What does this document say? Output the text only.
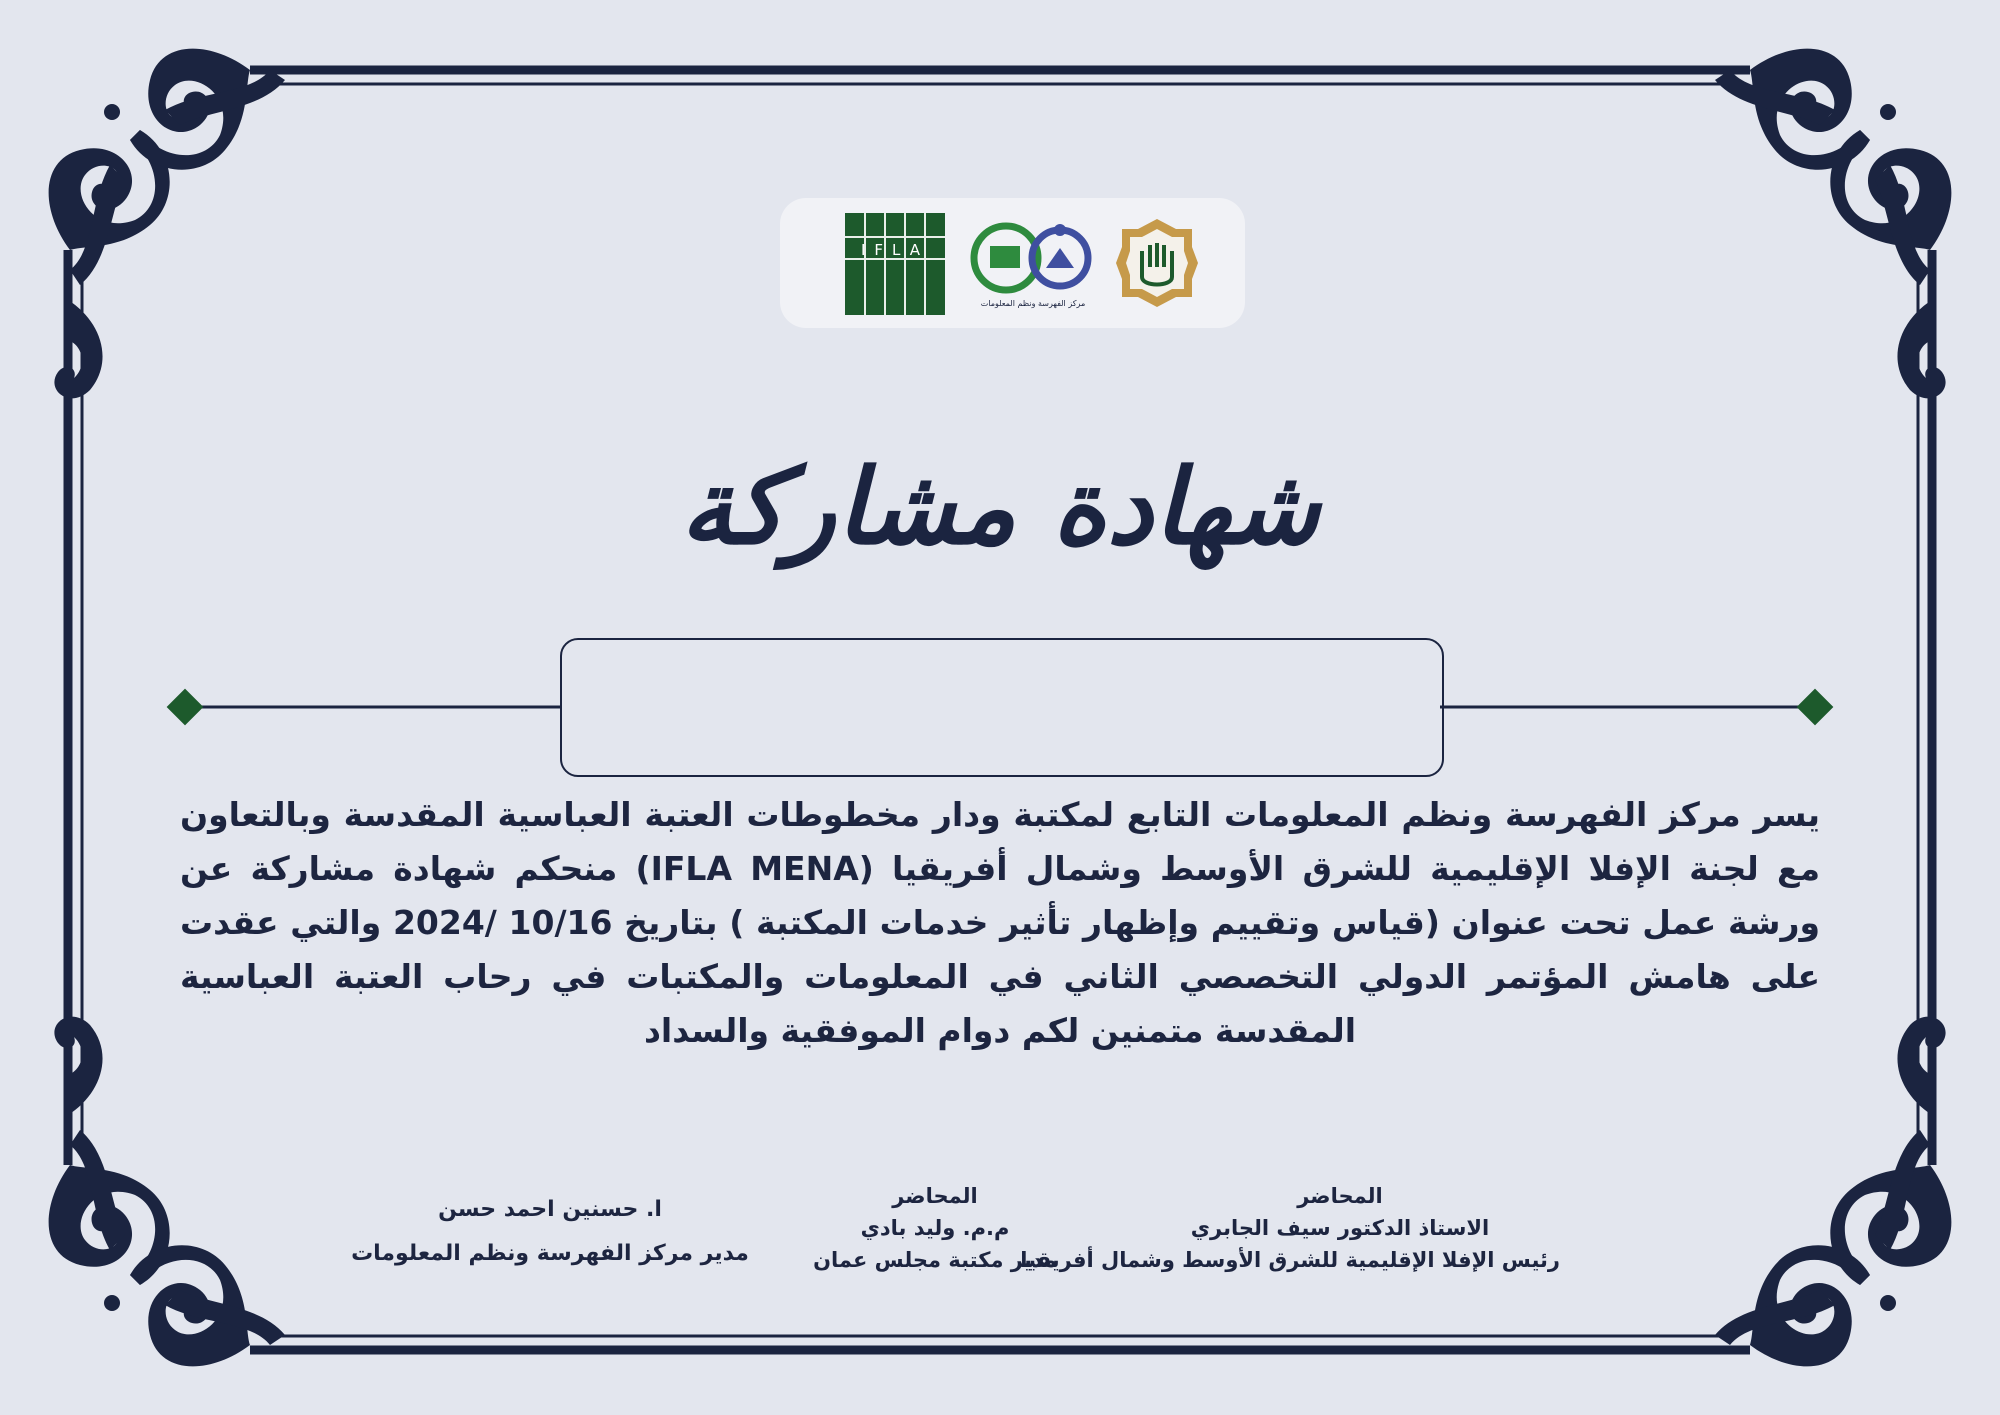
IFLA
مركز الفهرسة ونظم المعلومات
شهادة مشاركة

يسر مركز الفهرسة ونظم المعلومات التابع لمكتبة ودار مخطوطات العتبة العباسية المقدسة وبالتعاون مع لجنة الإفلا الإقليمية للشرق الأوسط وشمال أفريقيا (IFLA MENA) منحكم شهادة مشاركة عن ورشة عمل تحت عنوان (قياس وتقييم وإظهار تأثير خدمات المكتبة ) بتاريخ 10/16 /2024 والتي عقدت على هامش المؤتمر الدولي التخصصي الثاني في المعلومات والمكتبات في رحاب العتبة العباسية المقدسة متمنين لكم دوام الموفقية والسداد

المحاضر
الاستاذ الدكتور سيف الجابري
رئيس الإفلا الإقليمية للشرق الأوسط وشمال أفريقيا
المحاضر
م.م. وليد بادي
مدير مكتبة مجلس عمان
ا. حسنين احمد حسن
مدير مركز الفهرسة ونظم المعلومات
